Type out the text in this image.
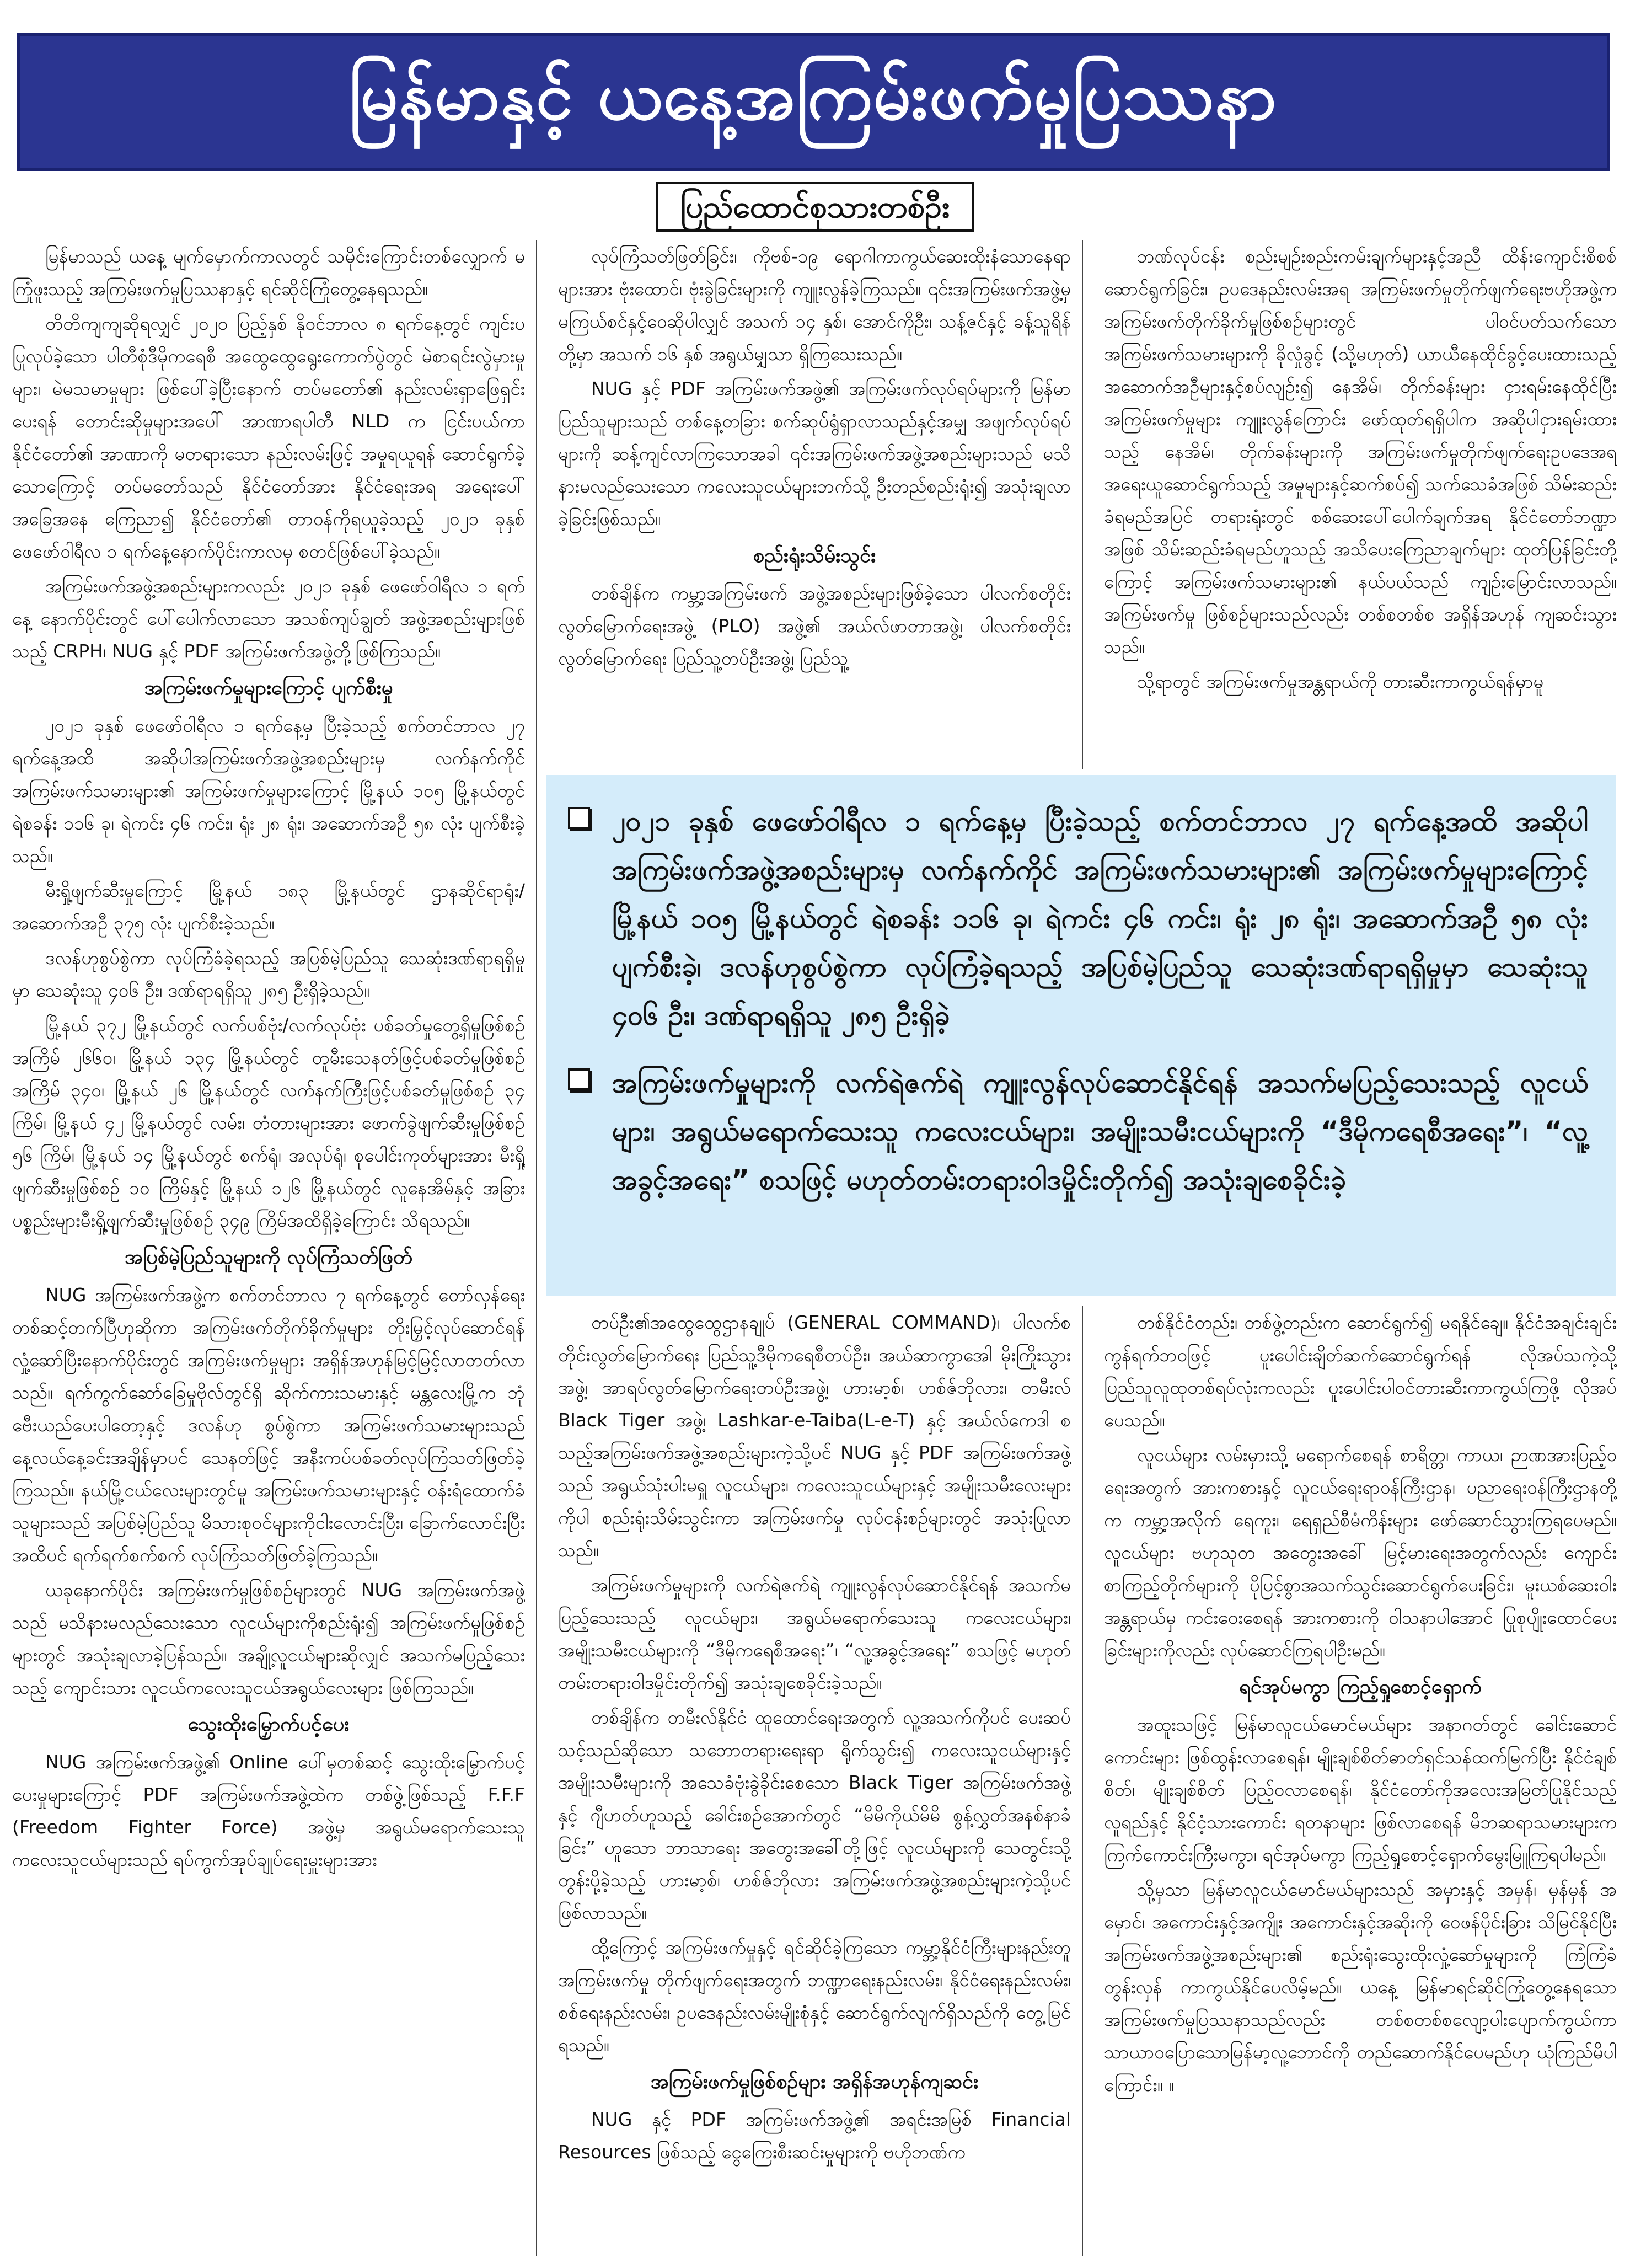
မြန်မာနှင့် ယနေ့အကြမ်းဖက်မှုပြဿနာ
ပြည်ထောင်စုသားတစ်ဦး

မြန်မာသည် ယနေ့ မျက်မှောက်ကာလတွင် သမိုင်းကြောင်းတစ်လျှောက် မကြုံဖူးသည့် အကြမ်းဖက်မှုပြဿနာနှင့် ရင်ဆိုင်ကြုံတွေ့နေရသည်။

တိတိကျကျဆိုရလျှင် ၂၀၂၀ ပြည့်နှစ် နိုဝင်ဘာလ ၈ ရက်နေ့တွင် ကျင်းပပြုလုပ်ခဲ့သော ပါတီစုံဒီမိုကရေစီ အထွေထွေရွေးကောက်ပွဲတွင် မဲစာရင်းလွဲမှားမှုများ၊ မဲမသမာမှုများ ဖြစ်ပေါ်ခဲ့ပြီးနောက် တပ်မတော်၏ နည်းလမ်းရှာဖြေရှင်းပေးရန် တောင်းဆိုမှုများအပေါ် အာဏာရပါတီ NLD က ငြင်းပယ်ကာ နိုင်ငံတော်၏ အာဏာကို မတရားသော နည်းလမ်းဖြင့် အမှုရယူရန် ဆောင်ရွက်ခဲ့သောကြောင့် တပ်မတော်သည် နိုင်ငံတော်အား နိုင်ငံရေးအရ အရေးပေါ်အခြေအနေ ကြေညာ၍ နိုင်ငံတော်၏ တာဝန်ကိုရယူခဲ့သည့် ၂၀၂၁ ခုနှစ် ဖေဖော်ဝါရီလ ၁ ရက်နေ့နောက်ပိုင်းကာလမှ စတင်ဖြစ်ပေါ်ခဲ့သည်။

အကြမ်းဖက်အဖွဲ့အစည်းများကလည်း ၂၀၂၁ ခုနှစ် ဖေဖော်ဝါရီလ ၁ ရက်နေ့ နောက်ပိုင်းတွင် ပေါ်ပေါက်လာသော အသစ်ကျပ်ချွတ် အဖွဲ့အစည်းများဖြစ်သည့် CRPH၊ NUG နှင့် PDF အကြမ်းဖက်အဖွဲ့တို့ဖြစ်ကြသည်။

အကြမ်းဖက်မှုများကြောင့် ပျက်စီးမှု

၂၀၂၁ ခုနှစ် ဖေဖော်ဝါရီလ ၁ ရက်နေ့မှ ပြီးခဲ့သည့် စက်တင်ဘာလ ၂၇ ရက်နေ့အထိ အဆိုပါအကြမ်းဖက်အဖွဲ့အစည်းများမှ လက်နက်ကိုင် အကြမ်းဖက်သမားများ၏ အကြမ်းဖက်မှုများကြောင့် မြို့နယ် ၁၀၅ မြို့နယ်တွင် ရဲစခန်း ၁၁၆ ခု၊ ရဲကင်း ၄၆ ကင်း၊ ရုံး ၂၈ ရုံး၊ အဆောက်အဦ ၅၈ လုံး ပျက်စီးခဲ့သည်။

မီးရှို့ဖျက်ဆီးမှုကြောင့် မြို့နယ် ၁၈၃ မြို့နယ်တွင် ဌာနဆိုင်ရာရုံး/အဆောက်အဦ ၃၇၅ လုံး ပျက်စီးခဲ့သည်။

ဒလန်ဟုစွပ်စွဲကာ လုပ်ကြံခံခဲ့ရသည့် အပြစ်မဲ့ပြည်သူ သေဆုံးဒဏ်ရာရရှိမှုမှာ သေဆုံးသူ ၄၀၆ ဦး၊ ဒဏ်ရာရရှိသူ ၂၈၅ ဦးရှိခဲ့သည်။

မြို့နယ် ၃၇၂ မြို့နယ်တွင် လက်ပစ်ဗုံး/လက်လုပ်ဗုံး ပစ်ခတ်မှုတွေ့ရှိမှုဖြစ်စဉ် အကြိမ် ၂၆၆၀၊ မြို့နယ် ၁၃၄ မြို့နယ်တွင် တူမီးသေနတ်ဖြင့်ပစ်ခတ်မှုဖြစ်စဉ် အကြိမ် ၃၄၀၊ မြို့နယ် ၂၆ မြို့နယ်တွင် လက်နက်ကြီးဖြင့်ပစ်ခတ်မှုဖြစ်စဉ် ၃၄ ကြိမ်၊ မြို့နယ် ၄၂ မြို့နယ်တွင် လမ်း၊ တံတားများအား ဖောက်ခွဲဖျက်ဆီးမှုဖြစ်စဉ် ၅၆ ကြိမ်၊ မြို့နယ် ၁၄ မြို့နယ်တွင် စက်ရုံ၊ အလုပ်ရုံ၊ စုပေါင်းကုတ်များအား မီးရှို့ဖျက်ဆီးမှုဖြစ်စဉ် ၁၀ ကြိမ်နှင့် မြို့နယ် ၁၂၆ မြို့နယ်တွင် လူနေအိမ်နှင့် အခြားပစ္စည်းများမီးရှို့ဖျက်ဆီးမှုဖြစ်စဉ် ၃၄၉ ကြိမ်အထိရှိခဲ့ကြောင်း သိရသည်။

အပြစ်မဲ့ပြည်သူများကို လုပ်ကြံသတ်ဖြတ်

NUG အကြမ်းဖက်အဖွဲ့က စက်တင်ဘာလ ၇ ရက်နေ့တွင် တော်လှန်ရေးတစ်ဆင့်တက်ပြီဟုဆိုကာ အကြမ်းဖက်တိုက်ခိုက်မှုများ တိုးမြှင့်လုပ်ဆောင်ရန် လှုံ့ဆော်ပြီးနောက်ပိုင်းတွင် အကြမ်းဖက်မှုများ အရှိန်အဟုန်မြင့်မြင့်လာတတ်လာသည်။ ရက်ကွက်ဆော်ခြေမှုဗိုလ်တွင်ရှိ ဆိုက်ကားသမားနှင့် မန္တလေးမြို့က ဘုံဗေီးယည်ပေးပါတော့နှင့် ဒလန်ဟု စွပ်စွဲကာ အကြမ်းဖက်သမားများသည် နေ့လယ်နေ့ခင်းအချိန်မှာပင် သေနတ်ဖြင့် အနီးကပ်ပစ်ခတ်လုပ်ကြံသတ်ဖြတ်ခဲ့ကြသည်။ နယ်မြို့ငယ်လေးများတွင်မူ အကြမ်းဖက်သမားများနှင့် ဝန်းရံထောက်ခံသူများသည် အပြစ်မဲ့ပြည်သူ မိသားစုဝင်များကိုငါးလောင်းပြီး၊ ခြောက်လောင်းပြီးအထိပင် ရက်ရက်စက်စက် လုပ်ကြံသတ်ဖြတ်ခဲ့ကြသည်။

ယခုနောက်ပိုင်း အကြမ်းဖက်မှုဖြစ်စဉ်များတွင် NUG အကြမ်းဖက်အဖွဲ့သည် မသိနားမလည်သေးသော လူငယ်များကိုစည်းရုံး၍ အကြမ်းဖက်မှုဖြစ်စဉ်များတွင် အသုံးချလာခဲ့ပြန်သည်။ အချို့လူငယ်များဆိုလျှင် အသက်မပြည့်သေးသည့် ကျောင်းသား လူငယ်ကလေးသူငယ်အရွယ်လေးများ ဖြစ်ကြသည်။

သွေးထိုးမြှောက်ပင့်ပေး

NUG အကြမ်းဖက်အဖွဲ့၏ Online ပေါ်မှတစ်ဆင့် သွေးထိုးမြှောက်ပင့်ပေးမှုများကြောင့် PDF အကြမ်းဖက်အဖွဲ့ထဲက တစ်ဖွဲ့ဖြစ်သည့် F.F.F (Freedom Fighter Force) အဖွဲ့မှ အရွယ်မရောက်သေးသူ ကလေးသူငယ်များသည် ရပ်ကွက်အုပ်ချုပ်ရေးမှူးများအား

လုပ်ကြံသတ်ဖြတ်ခြင်း၊ ကိုဗစ်-၁၉ ရောဂါကာကွယ်ဆေးထိုးနံသောနေရာများအား ဗုံးထောင်၊ ဗုံးခွဲခြင်းများကို ကျူးလွန်ခဲ့ကြသည်။ ၎င်းအကြမ်းဖက်အဖွဲ့မှ မကြယ်စင်နှင့်ဝေဆိုပါလျှင် အသက် ၁၄ နှစ်၊ အောင်ကိုဦး၊ သန့်ဇင်နှင့် ခန့်သူရိန်တို့မှာ အသက် ၁၆ နှစ် အရွယ်မျှသာ ရှိကြသေးသည်။

NUG နှင့် PDF အကြမ်းဖက်အဖွဲ့၏ အကြမ်းဖက်လုပ်ရပ်များကို မြန်မာပြည်သူများသည် တစ်နေ့တခြား စက်ဆုပ်ရွံရှာလာသည်နှင့်အမျှ အဖျက်လုပ်ရပ်များကို ဆန့်ကျင်လာကြသောအခါ ၎င်းအကြမ်းဖက်အဖွဲ့အစည်းများသည် မသိနားမလည်သေးသော ကလေးသူငယ်များဘက်သို့ ဦးတည်စည်းရုံး၍ အသုံးချလာခဲ့ခြင်းဖြစ်သည်။

စည်းရုံးသိမ်းသွင်း

တစ်ချိန်က ကမ္ဘာ့အကြမ်းဖက် အဖွဲ့အစည်းများဖြစ်ခဲ့သော ပါလက်စတိုင်းလွတ်မြောက်ရေးအဖွဲ့ (PLO) အဖွဲ့၏ အယ်လ်ဖာတာအဖွဲ့၊ ပါလက်စတိုင်းလွတ်မြောက်ရေး ပြည်သူ့တပ်ဦးအဖွဲ့၊ ပြည်သူ့

ဘဏ်လုပ်ငန်း စည်းမျဉ်းစည်းကမ်းချက်များနှင့်အညီ ထိန်းကျောင်းစိစစ်ဆောင်ရွက်ခြင်း၊ ဥပဒေနည်းလမ်းအရ အကြမ်းဖက်မှုတိုက်ဖျက်ရေးဗဟိုအဖွဲ့က အကြမ်းဖက်တိုက်ခိုက်မှုဖြစ်စဉ်များတွင် ပါဝင်ပတ်သက်သော အကြမ်းဖက်သမားများကို ခိုလှုံခွင့် (သို့မဟုတ်) ယာယီနေထိုင်ခွင့်ပေးထားသည့် အဆောက်အဦများနှင့်စပ်လျဉ်း၍ နေအိမ်၊ တိုက်ခန်းများ ငှားရမ်းနေထိုင်ပြီး အကြမ်းဖက်မှုများ ကျူးလွန်ကြောင်း ဖော်ထုတ်ရရှိပါက အဆိုပါငှားရမ်းထားသည့် နေအိမ်၊ တိုက်ခန်းများကို အကြမ်းဖက်မှုတိုက်ဖျက်ရေးဥပဒေအရ အရေးယူဆောင်ရွက်သည့် အမှုများနှင့်ဆက်စပ်၍ သက်သေခံအဖြစ် သိမ်းဆည်းခံရမည်အပြင် တရားရုံးတွင် စစ်ဆေးပေါ်ပေါက်ချက်အရ နိုင်ငံတော်ဘဏ္ဍာအဖြစ် သိမ်းဆည်းခံရမည်ဟူသည့် အသိပေးကြေညာချက်များ ထုတ်ပြန်ခြင်းတို့ကြောင့် အကြမ်းဖက်သမားများ၏ နယ်ပယ်သည် ကျဉ်းမြောင်းလာသည်။ အကြမ်းဖက်မှု ဖြစ်စဉ်များသည်လည်း တစ်စတစ်စ အရှိန်အဟုန် ကျဆင်းသွားသည်။

သို့ရာတွင် အကြမ်းဖက်မှုအန္တရာယ်ကို တားဆီးကာကွယ်ရန်မှာမူ

၂၀၂၁ ခုနှစ် ဖေဖော်ဝါရီလ ၁ ရက်နေ့မှ ပြီးခဲ့သည့် စက်တင်ဘာလ ၂၇ ရက်နေ့အထိ အဆိုပါအကြမ်းဖက်အဖွဲ့အစည်းများမှ လက်နက်ကိုင် အကြမ်းဖက်သမားများ၏ အကြမ်းဖက်မှုများကြောင့် မြို့နယ် ၁၀၅ မြို့နယ်တွင် ရဲစခန်း ၁၁၆ ခု၊ ရဲကင်း ၄၆ ကင်း၊ ရုံး ၂၈ ရုံး၊ အဆောက်အဦ ၅၈ လုံး ပျက်စီးခဲ့၊ ဒလန်ဟုစွပ်စွဲကာ လုပ်ကြံခဲ့ရသည့် အပြစ်မဲ့ပြည်သူ သေဆုံးဒဏ်ရာရရှိမှုမှာ သေဆုံးသူ ၄၀၆ ဦး၊ ဒဏ်ရာရရှိသူ ၂၈၅ ဦးရှိခဲ့
အကြမ်းဖက်မှုများကို လက်ရဲဇက်ရဲ ကျူးလွန်လုပ်ဆောင်နိုင်ရန် အသက်မပြည့်သေးသည့် လူငယ်များ၊ အရွယ်မရောက်သေးသူ ကလေးငယ်များ၊ အမျိုးသမီးငယ်များကို “ဒီမိုကရေစီအရေး”၊ “လူ့အခွင့်အရေး” စသဖြင့် မဟုတ်တမ်းတရားဝါဒမှိုင်းတိုက်၍ အသုံးချစေခိုင်းခဲ့

တပ်ဦး၏အထွေထွေဌာနချုပ် (GENERAL COMMAND)၊ ပါလက်စတိုင်းလွတ်မြောက်ရေး ပြည်သူ့ဒီမိုကရေစီတပ်ဦး၊ အယ်ဆာကွာအေါ မိုးကြိုးသွားအဖွဲ့၊ အာရပ်လွတ်မြောက်ရေးတပ်ဦးအဖွဲ့၊ ဟားမာ့စ်၊ ဟစ်ဇ်ဘိုလား၊ တမီးလ် Black Tiger အဖွဲ့၊ Lashkar-e-Taiba(L-e-T) နှင့် အယ်လ်ကေဒါ စသည့်အကြမ်းဖက်အဖွဲ့အစည်းများကဲ့သို့ပင် NUG နှင့် PDF အကြမ်းဖက်အဖွဲ့သည် အရွယ်သုံးပါးမရှူ လူငယ်များ၊ ကလေးသူငယ်များနှင့် အမျိုးသမီးလေးများကိုပါ စည်းရုံးသိမ်းသွင်းကာ အကြမ်းဖက်မှု လုပ်ငန်းစဉ်များတွင် အသုံးပြုလာသည်။

အကြမ်းဖက်မှုများကို လက်ရဲဇက်ရဲ ကျူးလွန်လုပ်ဆောင်နိုင်ရန် အသက်မပြည့်သေးသည့် လူငယ်များ၊ အရွယ်မရောက်သေးသူ ကလေးငယ်များ၊ အမျိုးသမီးငယ်များကို “ဒီမိုကရေစီအရေး”၊ “လူ့အခွင့်အရေး” စသဖြင့် မဟုတ်တမ်းတရားဝါဒမှိုင်းတိုက်၍ အသုံးချစေခိုင်းခဲ့သည်။

တစ်ချိန်က တမီးလ်နိုင်ငံ ထူထောင်ရေးအတွက် လူ့အသက်ကိုပင် ပေးဆပ်သင့်သည်ဆိုသော သဘောတရားရေးရာ ရိုက်သွင်း၍ ကလေးသူငယ်များနှင့် အမျိုးသမီးများကို အသေခံဗုံးခွဲခိုင်းစေသော Black Tiger အကြမ်းဖက်အဖွဲ့နှင့် ဂျီဟတ်ဟူသည့် ခေါင်းစဉ်အောက်တွင် “မိမိကိုယ်မိမိ စွန့်လွှတ်အနစ်နာခံခြင်း” ဟူသော ဘာသာရေး အတွေးအခေါ်တို့ဖြင့် လူငယ်များကို သေတွင်းသို့ တွန်းပို့ခဲ့သည့် ဟားမာ့စ်၊ ဟစ်ဇ်ဘိုလား အကြမ်းဖက်အဖွဲ့အစည်းများကဲ့သို့ပင် ဖြစ်လာသည်။

ထို့ကြောင့် အကြမ်းဖက်မှုနှင့် ရင်ဆိုင်ခဲ့ကြသော ကမ္ဘာ့နိုင်ငံကြီးများနည်းတူ အကြမ်းဖက်မှု တိုက်ဖျက်ရေးအတွက် ဘဏ္ဍာရေးနည်းလမ်း၊ နိုင်ငံရေးနည်းလမ်း၊ စစ်ရေးနည်းလမ်း၊ ဥပဒေနည်းလမ်းမျိုးစုံနှင့် ဆောင်ရွက်လျက်ရှိသည်ကို တွေ့မြင်ရသည်။

အကြမ်းဖက်မှုဖြစ်စဉ်များ အရှိန်အဟုန်ကျဆင်း

NUG နှင့် PDF အကြမ်းဖက်အဖွဲ့၏ အရင်းအမြစ် Financial Resources ဖြစ်သည့် ငွေကြေးစီးဆင်းမှုများကို ဗဟိုဘဏ်က

တစ်နိုင်ငံတည်း၊ တစ်ဖွဲ့တည်းက ဆောင်ရွက်၍ မရနိုင်ချေ။ နိုင်ငံအချင်းချင်း ကွန်ရက်ဘဝဖြင့် ပူးပေါင်းချိတ်ဆက်ဆောင်ရွက်ရန် လိုအပ်သကဲ့သို့ ပြည်သူလူထုတစ်ရပ်လုံးကလည်း ပူးပေါင်းပါဝင်တားဆီးကာကွယ်ကြဖို့ လိုအပ်ပေသည်။

လူငယ်များ လမ်းမှားသို့ မရောက်စေရန် စာရိတ္တ၊ ကာယ၊ ဉာဏအားပြည့်ဝရေးအတွက် အားကစားနှင့် လူငယ်ရေးရာဝန်ကြီးဌာန၊ ပညာရေးဝန်ကြီးဌာနတို့က ကမ္ဘာ့အလိုက် ရေကူး၊ ရေရှည်စီမံကိန်းများ ဖော်ဆောင်သွားကြရပေမည်။ လူငယ်များ ဗဟုသုတ အတွေးအခေါ် မြင့်မားရေးအတွက်လည်း ကျောင်းစာကြည့်တိုက်များကို ပိုပြင့်စွာအသက်သွင်းဆောင်ရွက်ပေးခြင်း၊ မူးယစ်ဆေးဝါး အန္တရာယ်မှ ကင်းဝေးစေရန် အားကစားကို ဝါသနာပါအောင် ပြုစုပျိုးထောင်ပေးခြင်းများကိုလည်း လုပ်ဆောင်ကြရပါဦးမည်။

ရင်အုပ်မကွာ ကြည့်ရှုစောင့်ရှောက်

အထူးသဖြင့် မြန်မာလူငယ်မောင်မယ်များ အနာဂတ်တွင် ခေါင်းဆောင်ကောင်းများ ဖြစ်ထွန်းလာစေရန်၊ မျိုးချစ်စိတ်ဓာတ်ရှင်သန်ထက်မြက်ပြီး နိုင်ငံချစ်စိတ်၊ မျိုးချစ်စိတ် ပြည့်ဝလာစေရန်၊ နိုင်ငံတော်ကိုအလေးအမြတ်ပြုနိုင်သည့် လူရည်နှင့် နိုင်ငံ့သားကောင်း ရတနာများ ဖြစ်လာစေရန် မိဘဆရာသမားများက ကြက်ကောင်းကြီးမကွာ၊ ရင်အုပ်မကွာ ကြည့်ရှုစောင့်ရှောက်မွေးမြူကြရပါမည်။

သို့မှသာ မြန်မာလူငယ်မောင်မယ်များသည် အမှားနှင့် အမှန်၊ မှန်မှန် အမှောင်၊ အကောင်းနှင့်အကျိုး အကောင်းနှင့်အဆိုးကို ဝေဖန်ပိုင်းခြား သိမြင်နိုင်ပြီး အကြမ်းဖက်အဖွဲ့အစည်းများ၏ စည်းရုံးသွေးထိုးလှုံ့ဆော်မှုများကို ကြံကြံခံတွန်းလှန် ကာကွယ်နိုင်ပေလိမ့်မည်။ ယနေ့ မြန်မာရင်ဆိုင်ကြုံတွေ့နေရသော အကြမ်းဖက်မှုပြဿနာသည်လည်း တစ်စတစ်စလျော့ပါးပျောက်ကွယ်ကာ သာယာဝပြောသောမြန်မာ့လူ့ဘောင်ကို တည်ဆောက်နိုင်ပေမည်ဟု ယုံကြည်မိပါကြောင်း။ ။
